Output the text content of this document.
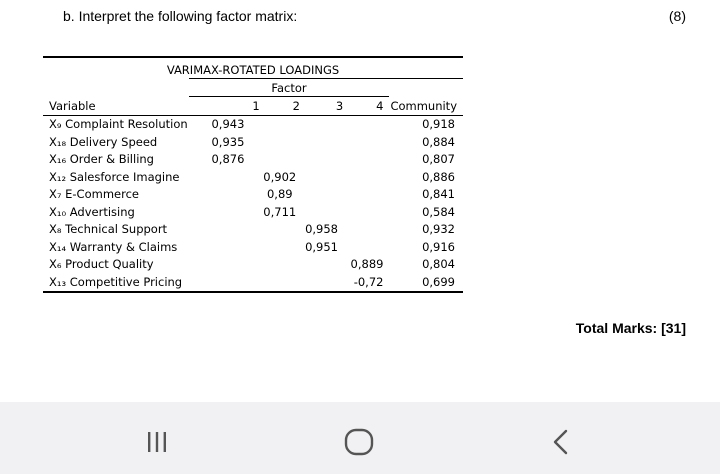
b. Interpret the following factor matrix:	(8)
VARIMAX-ROTATED LOADINGS
Factor
Variable	1	2	3	4	Community
X₉ Complaint Resolution	0,943				0,918
X₁₈ Delivery Speed	0,935				0,884
X₁₆ Order & Billing	0,876				0,807
X₁₂ Salesforce Imagine		0,902			0,886
X₇ E-Commerce		0,89			0,841
X₁₀ Advertising		0,711			0,584
X₈ Technical Support			0,958		0,932
X₁₄ Warranty & Claims			0,951		0,916
X₆ Product Quality				0,889	0,804
X₁₃ Competitive Pricing				-0,72	0,699
Total Marks: [31]
